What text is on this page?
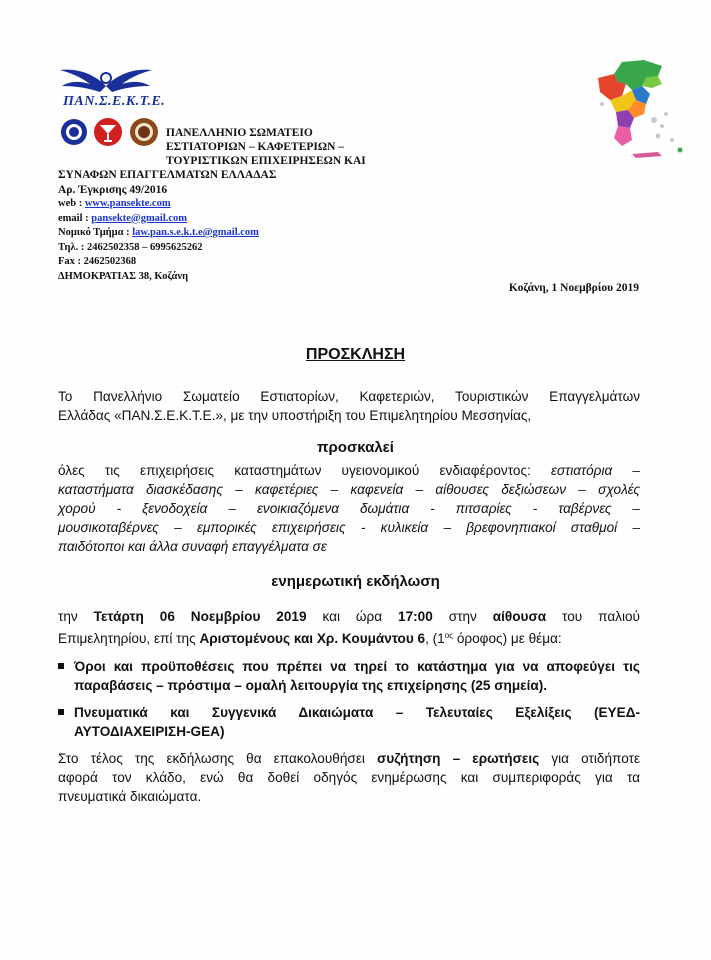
ΠΑΝ.Σ.Ε.Κ.Τ.Ε.
ΠΑΝΕΛΛΗΝΙΟ ΣΩΜΑΤΕΙΟ
ΕΣΤΙΑΤΟΡΙΩΝ – ΚΑΦΕΤΕΡΙΩΝ –
ΤΟΥΡΙΣΤΙΚΩΝ ΕΠΙΧΕΙΡΗΣΕΩΝ ΚΑΙ
ΣΥΝΑΦΩΝ ΕΠΑΓΓΕΛΜΑΤΩΝ ΕΛΛΑΔΑΣ
Αρ. Έγκρισης 49/2016
web : www.pansekte.com
email : pansekte@gmail.com
Νομικό Τμήμα : law.pan.s.e.k.t.e@gmail.com
Τηλ. : 2462502358 – 6995625262
Fax : 2462502368
ΔΗΜΟΚΡΑΤΙΑΣ 38, Κοζάνη
Κοζάνη, 1 Νοεμβρίου 2019
ΠΡΟΣΚΛΗΣΗ
Το Πανελλήνιο Σωματείο Εστιατορίων, Καφετεριών, Τουριστικών Επαγγελμάτων
Ελλάδας «ΠΑΝ.Σ.Ε.Κ.Τ.Ε.», με την υποστήριξη του Επιμελητηρίου Μεσσηνίας,
προσκαλεί
όλες τις επιχειρήσεις καταστημάτων υγειονομικού ενδιαφέροντος: εστιατόρια –
καταστήματα διασκέδασης – καφετέριες – καφενεία – αίθουσες δεξιώσεων – σχολές
χορού - ξενοδοχεία – ενοικιαζόμενα δωμάτια - πιτσαρίες - ταβέρνες –
μουσικοταβέρνες – εμπορικές επιχειρήσεις - κυλικεία – βρεφονηπιακοί σταθμοί –
παιδότοποι και άλλα συναφή επαγγέλματα σε
ενημερωτική εκδήλωση
την Τετάρτη 06 Νοεμβρίου 2019 και ώρα 17:00 στην αίθουσα του παλιού
Επιμελητηρίου, επί της Αριστομένους και Χρ. Κουμάντου 6, ($1^{o\varsigma}$ όροφος) με θέμα:
Όροι και προϋποθέσεις που πρέπει να τηρεί το κατάστημα για να αποφεύγει τις
παραβάσεις – πρόστιμα – ομαλή λειτουργία της επιχείρησης (25 σημεία).
Πνευματικά και Συγγενικά Δικαιώματα – Τελευταίες Εξελίξεις (ΕΥΕΔ-
ΑΥΤΟΔΙΑΧΕΙΡΙΣΗ-GEA)
Στο τέλος της εκδήλωσης θα επακολουθήσει συζήτηση – ερωτήσεις για οτιδήποτε
αφορά τον κλάδο, ενώ θα δοθεί οδηγός ενημέρωσης και συμπεριφοράς για τα
πνευματικά δικαιώματα.
